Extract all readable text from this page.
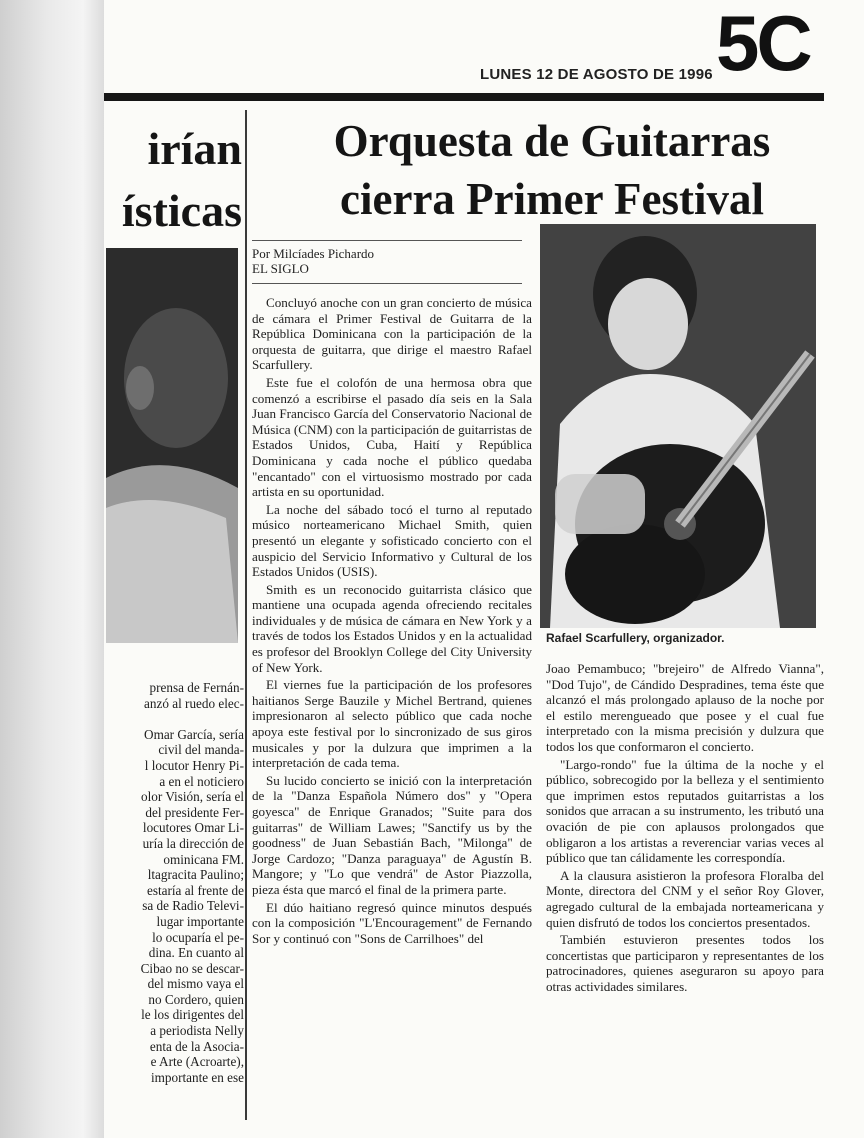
5C
LUNES 12 DE AGOSTO DE 1996
irían
ísticas
prensa de Fernán-
anzó al ruedo elec-

Omar García, sería
civil del manda-
l locutor Henry Pi-
a en el noticiero
olor Visión, sería el
del presidente Fer-
locutores Omar Li-
uría la dirección de
ominicana FM.
ltagracita Paulino;
estaría al frente de
sa de Radio Televi-
lugar importante
lo ocuparía el pe-
dina. En cuanto al
Cibao no se descar-
del mismo vaya el
no Cordero, quien
le los dirigentes del
a periodista Nelly
enta de la Asocia-
e Arte (Acroarte),
importante en ese
Orquesta de Guitarras
cierra Primer Festival
Por Milcíades Pichardo
EL SIGLO
Rafael Scarfullery, organizador.

Concluyó anoche con un gran concierto de música de cámara el Primer Festival de Guitarra de la República Dominicana con la participación de la orquesta de guitarra, que dirige el maestro Rafael Scarfullery.

Este fue el colofón de una hermosa obra que comenzó a escribirse el pasado día seis en la Sala Juan Francisco García del Conservatorio Nacional de Música (CNM) con la participación de guitarristas de Estados Unidos, Cuba, Haití y República Dominicana y cada noche el público quedaba "encantado" con el virtuosismo mostrado por cada artista en su oportunidad.

La noche del sábado tocó el turno al reputado músico norteamericano Michael Smith, quien presentó un elegante y sofisticado concierto con el auspicio del Servicio Informativo y Cultural de los Estados Unidos (USIS).

Smith es un reconocido guitarrista clásico que mantiene una ocupada agenda ofreciendo recitales individuales y de música de cámara en New York y a través de todos los Estados Unidos y en la actualidad es profesor del Brooklyn College del City University of New York.

El viernes fue la participación de los profesores haitianos Serge Bauzile y Michel Bertrand, quienes impresionaron al selecto público que cada noche apoya este festival por lo sincronizado de sus giros musicales y por la dulzura que imprimen a la interpretación de cada tema.

Su lucido concierto se inició con la interpretación de la "Danza Española Número dos" y "Opera goyesca" de Enrique Granados; "Suite para dos guitarras" de William Lawes; "Sanctify us by the goodness" de Juan Sebastián Bach, "Milonga" de Jorge Cardozo; "Danza paraguaya" de Agustín B. Mangore; y "Lo que vendrá" de Astor Piazzolla, pieza ésta que marcó el final de la primera parte.

El dúo haitiano regresó quince minutos después con la composición "L'Encouragement" de Fernando Sor y continuó con "Sons de Carrilhoes" del

Joao Pemambuco; "brejeiro" de Alfredo Vianna", "Dod Tujo", de Cándido Despradines, tema éste que alcanzó el más prolongado aplauso de la noche por el estilo merengueado que posee y el cual fue interpretado con la misma precisión y dulzura que todos los que conformaron el concierto.

"Largo-rondo" fue la última de la noche y el público, sobrecogido por la belleza y el sentimiento que imprimen estos reputados guitarristas a los sonidos que arracan a su instrumento, les tributó una ovación de pie con aplausos prolongados que obligaron a los artistas a reverenciar varias veces al público que tan cálidamente les correspondía.

A la clausura asistieron la profesora Floralba del Monte, directora del CNM y el señor Roy Glover, agregado cultural de la embajada norteamericana y quien disfrutó de todos los conciertos presentados.

También estuvieron presentes todos los concertistas que participaron y representantes de los patrocinadores, quienes aseguraron su apoyo para otras actividades similares.
